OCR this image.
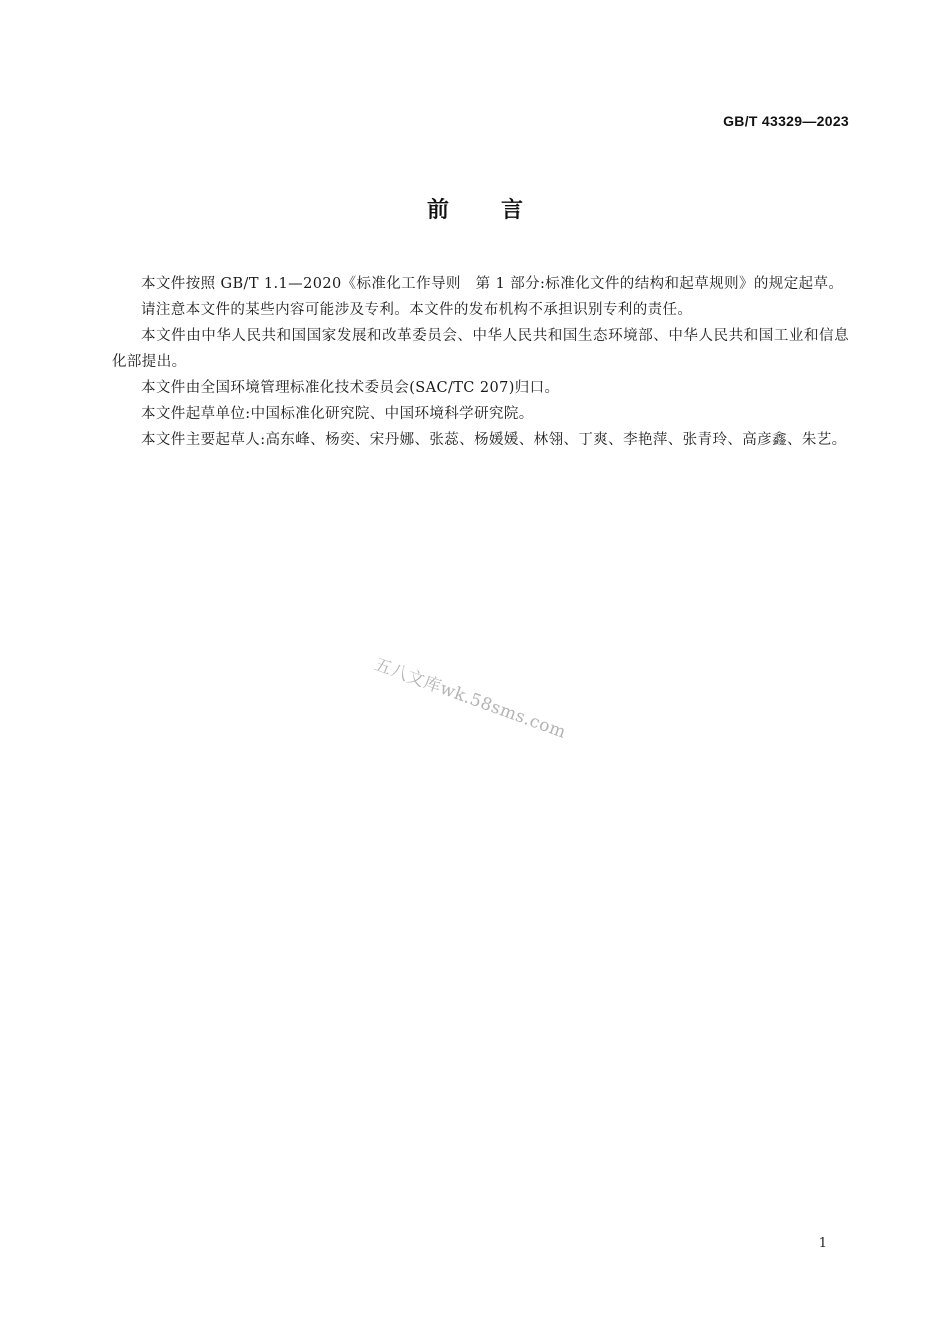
GB/T 43329—2023
前言

本文件按照 GB/T 1.1—2020《标准化工作导则　第 1 部分:标准化文件的结构和起草规则》的规定起草。

请注意本文件的某些内容可能涉及专利。本文件的发布机构不承担识别专利的责任。

本文件由中华人民共和国国家发展和改革委员会、中华人民共和国生态环境部、中华人民共和国工业和信息化部提出。

本文件由全国环境管理标准化技术委员会(SAC/TC 207)归口。

本文件起草单位:中国标准化研究院、中国环境科学研究院。

本文件主要起草人:高东峰、杨奕、宋丹娜、张蕊、杨媛媛、林翎、丁爽、李艳萍、张青玲、高彦鑫、朱艺。

五八文库wk.58sms.com
1
